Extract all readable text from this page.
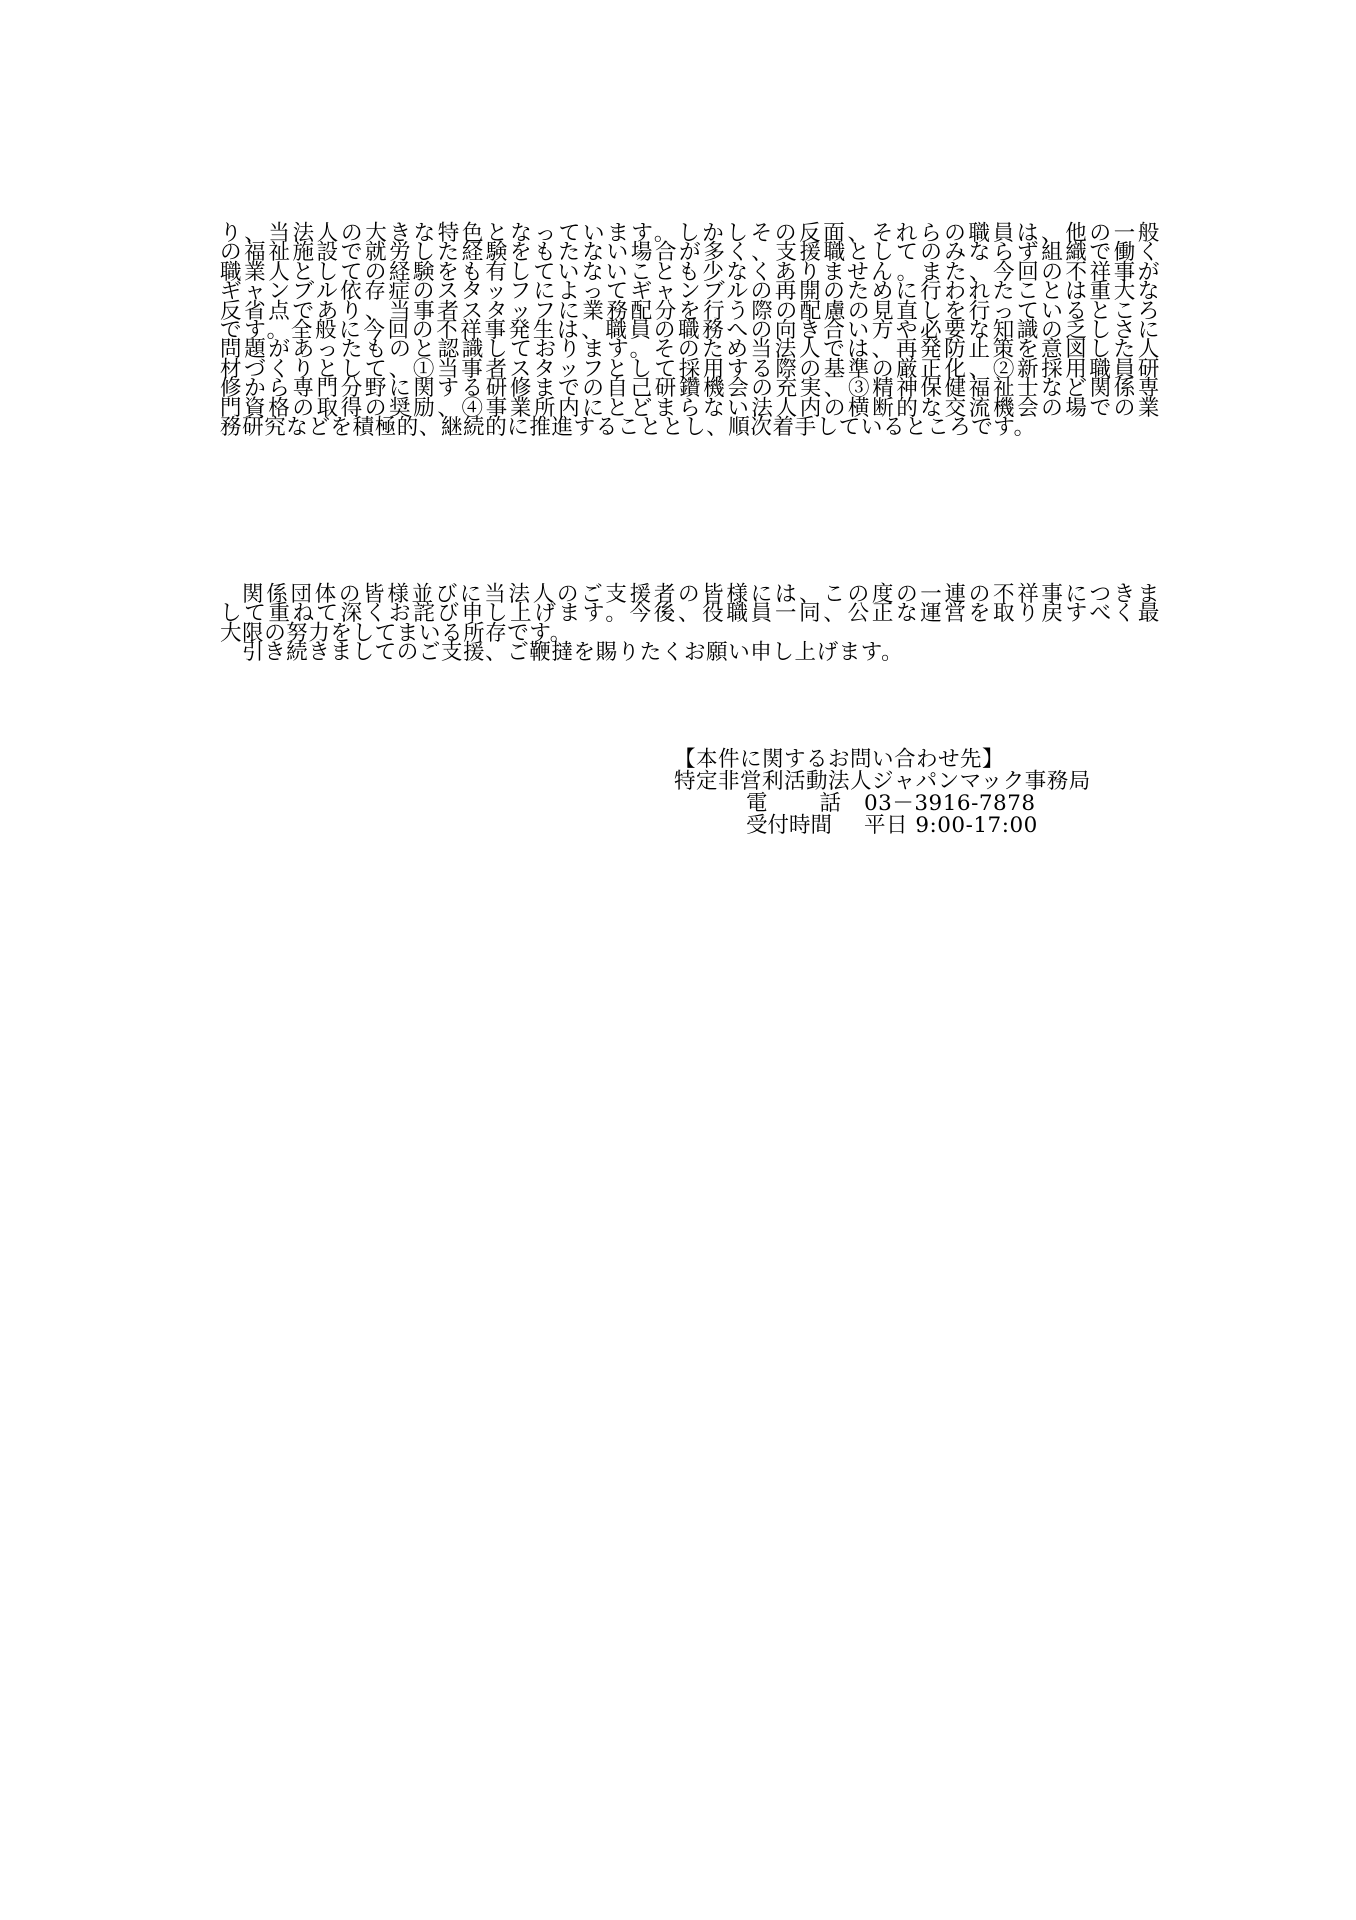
り、当法人の大きな特色となっています。しかしその反面、それらの職員は、他の一般
の福祉施設で就労した経験をもたない場合が多く、支援職としてのみならず組織で働く
職業人としての経験をも有していないことも少なくありません。また、今回の不祥事が
ギャンブル依存症のスタッフによってギャンブルの再開のために行われたことは重大な
反省点であり、当事者スタッフに業務配分を行う際の配慮の見直しを行っているところ
です。全般に今回の不祥事発生は、職員の職務への向き合い方や必要な知識の乏しさに
問題があったものと認識しております。そのため当法人では、再発防止策を意図した人
材づくりとして、①当事者スタッフとして採用する際の基準の厳正化、②新採用職員研
修から専門分野に関する研修までの自己研鑽機会の充実、③精神保健福祉士など関係専
門資格の取得の奨励、④事業所内にとどまらない法人内の横断的な交流機会の場での業
務研究などを積極的、継続的に推進することとし、順次着手しているところです。
関係団体の皆様並びに当法人のご支援者の皆様には、この度の一連の不祥事につきま
して重ねて深くお詫び申し上げます。今後、役職員一同、公正な運営を取り戻すべく最
大限の努力をしてまいる所存です。
引き続きましてのご支援、ご鞭撻を賜りたくお願い申し上げます。
【本件に関するお問い合わせ先】
特定非営利活動法人ジャパンマック事務局
電 話 03－3916-7878
受付時間 平日 9:00-17:00
